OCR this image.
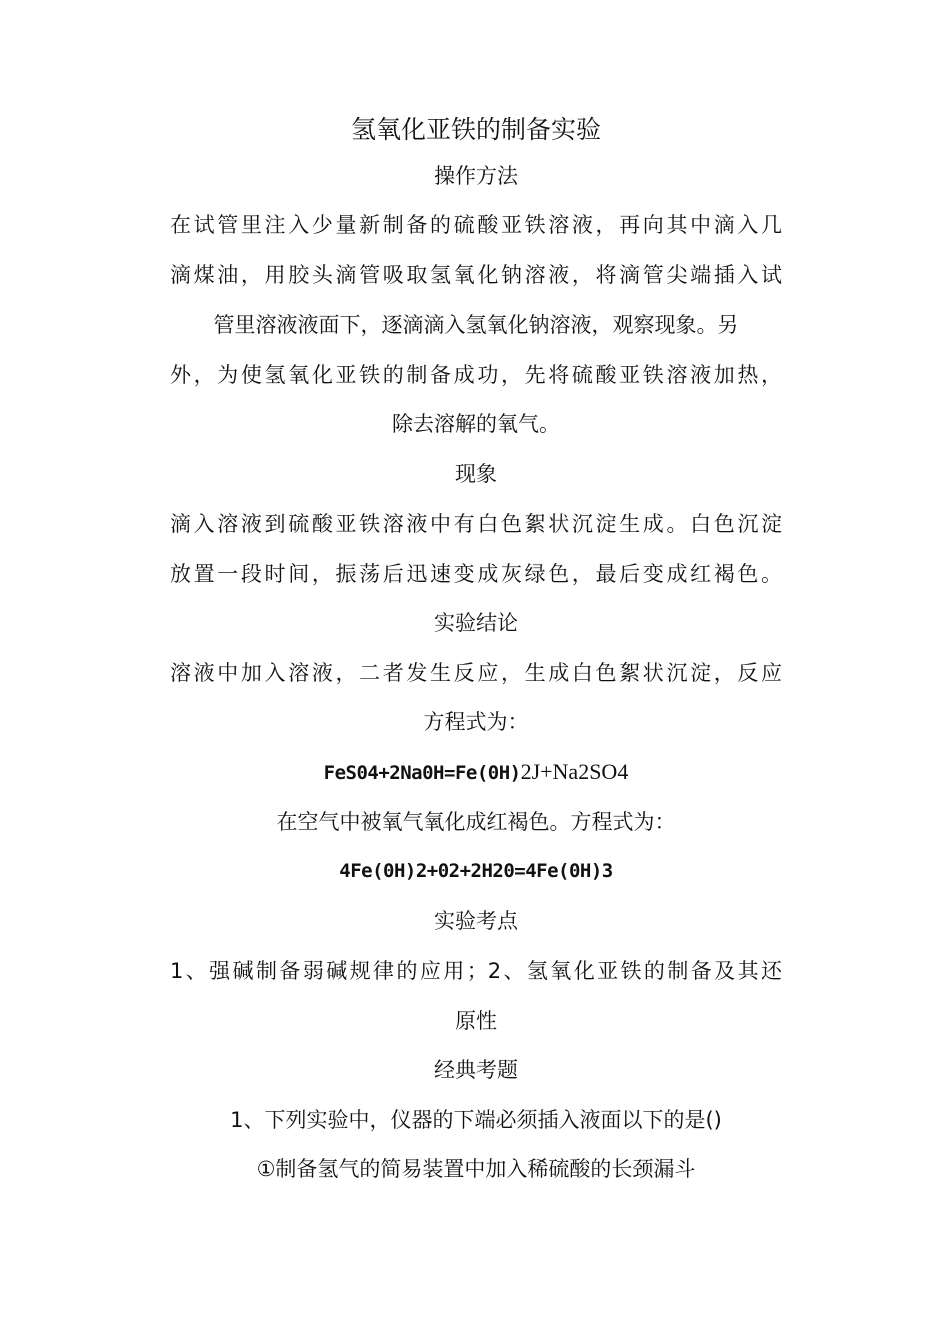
氢氧化亚铁的制备实验
操作方法
在试管里注入少量新制备的硫酸亚铁溶液，再向其中滴入几
滴煤油，用胶头滴管吸取氢氧化钠溶液，将滴管尖端插入试
管里溶液液面下，逐滴滴入氢氧化钠溶液，观察现象。另
外，为使氢氧化亚铁的制备成功，先将硫酸亚铁溶液加热，
除去溶解的氧气。
现象
滴入溶液到硫酸亚铁溶液中有白色絮状沉淀生成。白色沉淀
放置一段时间，振荡后迅速变成灰绿色，最后变成红褐色。
实验结论
溶液中加入溶液，二者发生反应，生成白色絮状沉淀，反应
方程式为：
FeS04+2Na0H=Fe(0H)2J+Na2SO4
在空气中被氧气氧化成红褐色。方程式为：
4Fe(0H)2+02+2H20=4Fe(0H)3
实验考点
1、强碱制备弱碱规律的应用；2、氢氧化亚铁的制备及其还
原性
经典考题
1、下列实验中，仪器的下端必须插入液面以下的是()
①制备氢气的简易装置中加入稀硫酸的长颈漏斗
